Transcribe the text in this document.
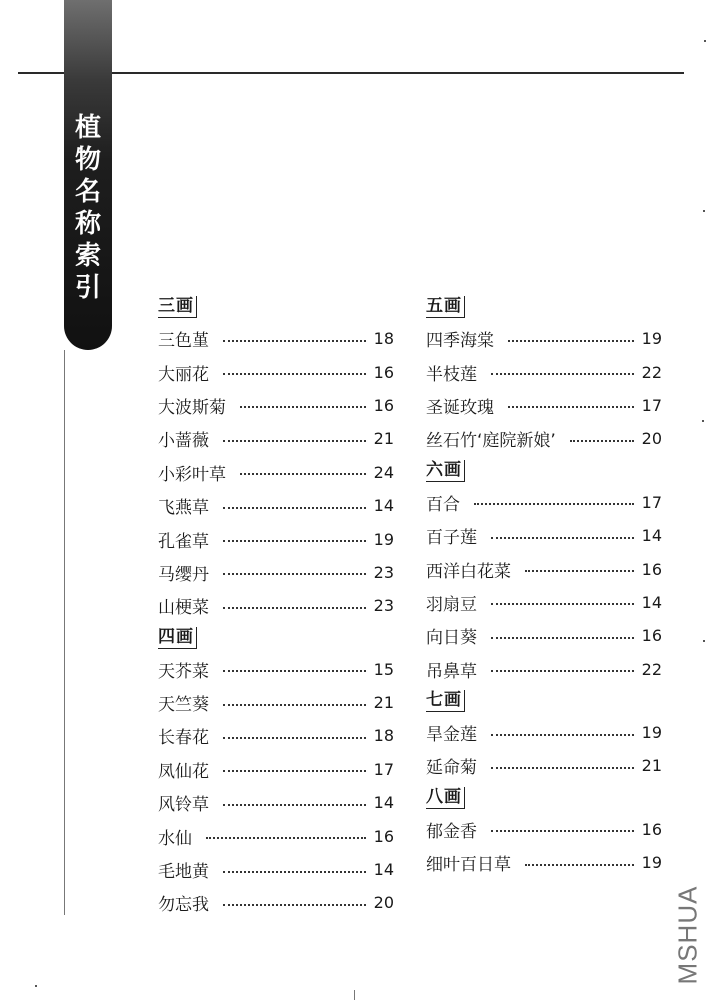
植
物
名
称
索
引
三画
三色堇	18
大丽花	16
大波斯菊	16
小蔷薇	21
小彩叶草	24
飞燕草	14
孔雀草	19
马缨丹	23
山梗菜	23
四画
天芥菜	15
天竺葵	21
长春花	18
凤仙花	17
风铃草	14
水仙	16
毛地黄	14
勿忘我	20
五画
四季海棠	19
半枝莲	22
圣诞玫瑰	17
丝石竹‘庭院新娘’	20
六画
百合	17
百子莲	14
西洋白花菜	16
羽扇豆	14
向日葵	16
吊鼻草	22
七画
旱金莲	19
延命菊	21
八画
郁金香	16
细叶百日草	19
MSHUA
